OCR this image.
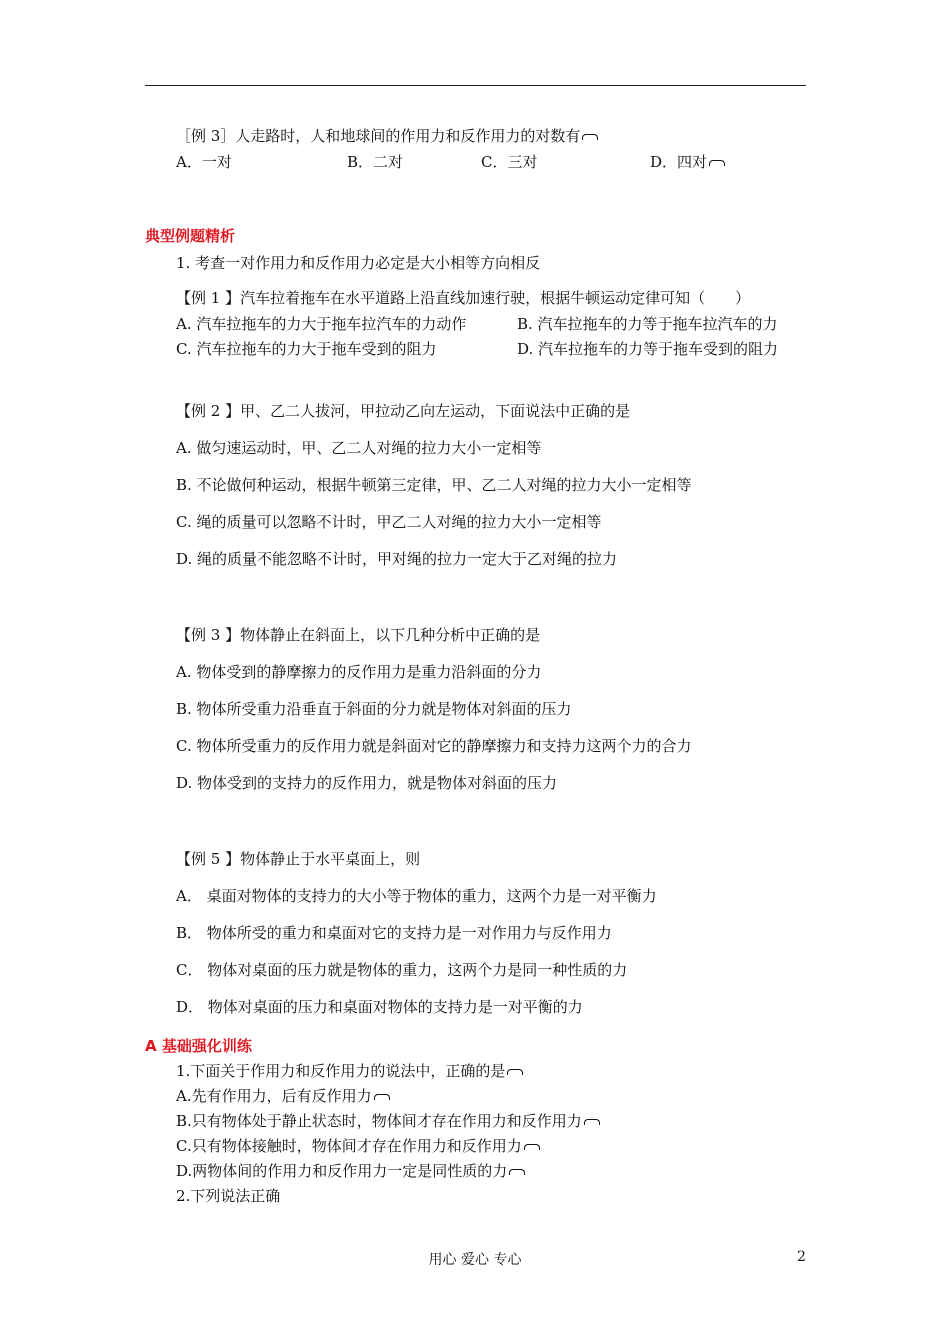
［例 3］人走路时，人和地球间的作用力和反作用力的对数有
A．一对	B．二对	C．三对	D．四对
典型例题精析
1. 考查一对作用力和反作用力必定是大小相等方向相反
【例 1 】汽车拉着拖车在水平道路上沿直线加速行驶，根据牛顿运动定律可知（　　）
A. 汽车拉拖车的力大于拖车拉汽车的力动作	B. 汽车拉拖车的力等于拖车拉汽车的力
C. 汽车拉拖车的力大于拖车受到的阻力	D. 汽车拉拖车的力等于拖车受到的阻力
【例 2 】甲、乙二人拔河，甲拉动乙向左运动，下面说法中正确的是
A. 做匀速运动时，甲、乙二人对绳的拉力大小一定相等
B. 不论做何种运动，根据牛顿第三定律，甲、乙二人对绳的拉力大小一定相等
C. 绳的质量可以忽略不计时，甲乙二人对绳的拉力大小一定相等
D. 绳的质量不能忽略不计时，甲对绳的拉力一定大于乙对绳的拉力
【例 3 】物体静止在斜面上，以下几种分析中正确的是
A. 物体受到的静摩擦力的反作用力是重力沿斜面的分力
B. 物体所受重力沿垂直于斜面的分力就是物体对斜面的压力
C. 物体所受重力的反作用力就是斜面对它的静摩擦力和支持力这两个力的合力
D. 物体受到的支持力的反作用力，就是物体对斜面的压力
【例 5 】物体静止于水平桌面上，则
A． 桌面对物体的支持力的大小等于物体的重力，这两个力是一对平衡力
B． 物体所受的重力和桌面对它的支持力是一对作用力与反作用力
C． 物体对桌面的压力就是物体的重力，这两个力是同一种性质的力
D． 物体对桌面的压力和桌面对物体的支持力是一对平衡的力
A 基础强化训练
1.下面关于作用力和反作用力的说法中，正确的是
A.先有作用力，后有反作用力
B.只有物体处于静止状态时，物体间才存在作用力和反作用力
C.只有物体接触时，物体间才存在作用力和反作用力
D.两物体间的作用力和反作用力一定是同性质的力
2.下列说法正确
用心 爱心 专心	2
